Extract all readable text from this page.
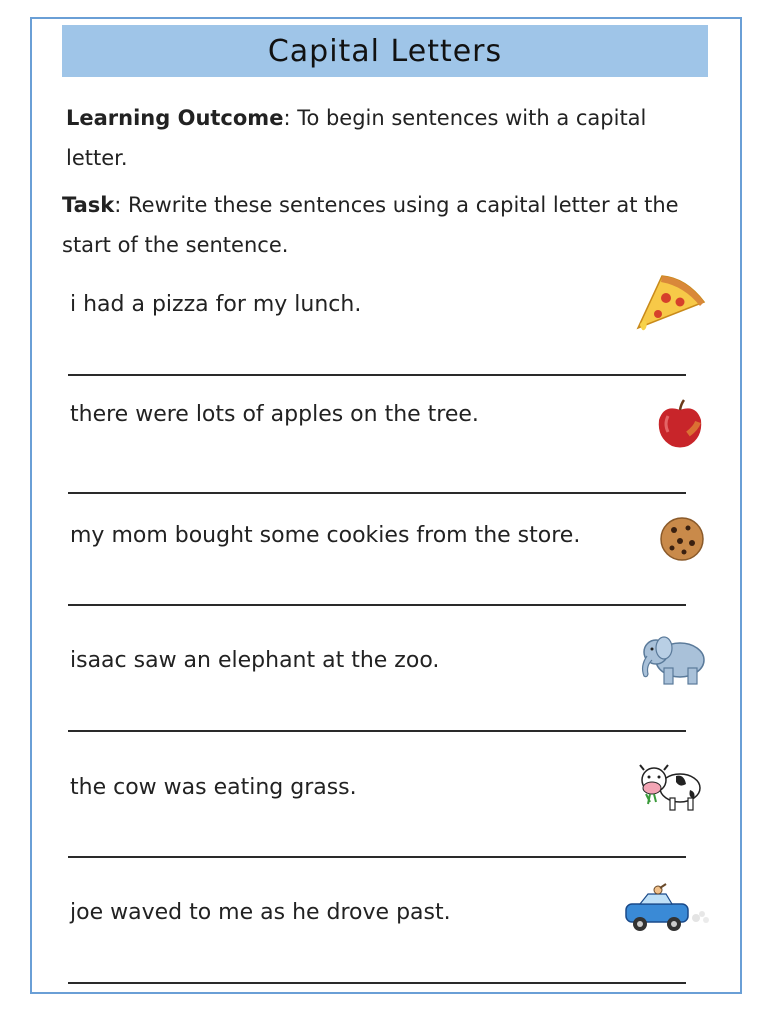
Capital Letters
Learning Outcome: To begin sentences with a capital letter.
Task: Rewrite these sentences using a capital letter at the start of the sentence.
i had a pizza for my lunch.
there were lots of apples on the tree.
my mom bought some cookies from the store.
isaac saw an elephant at the zoo.
the cow was eating grass.
joe waved to me as he drove past.
